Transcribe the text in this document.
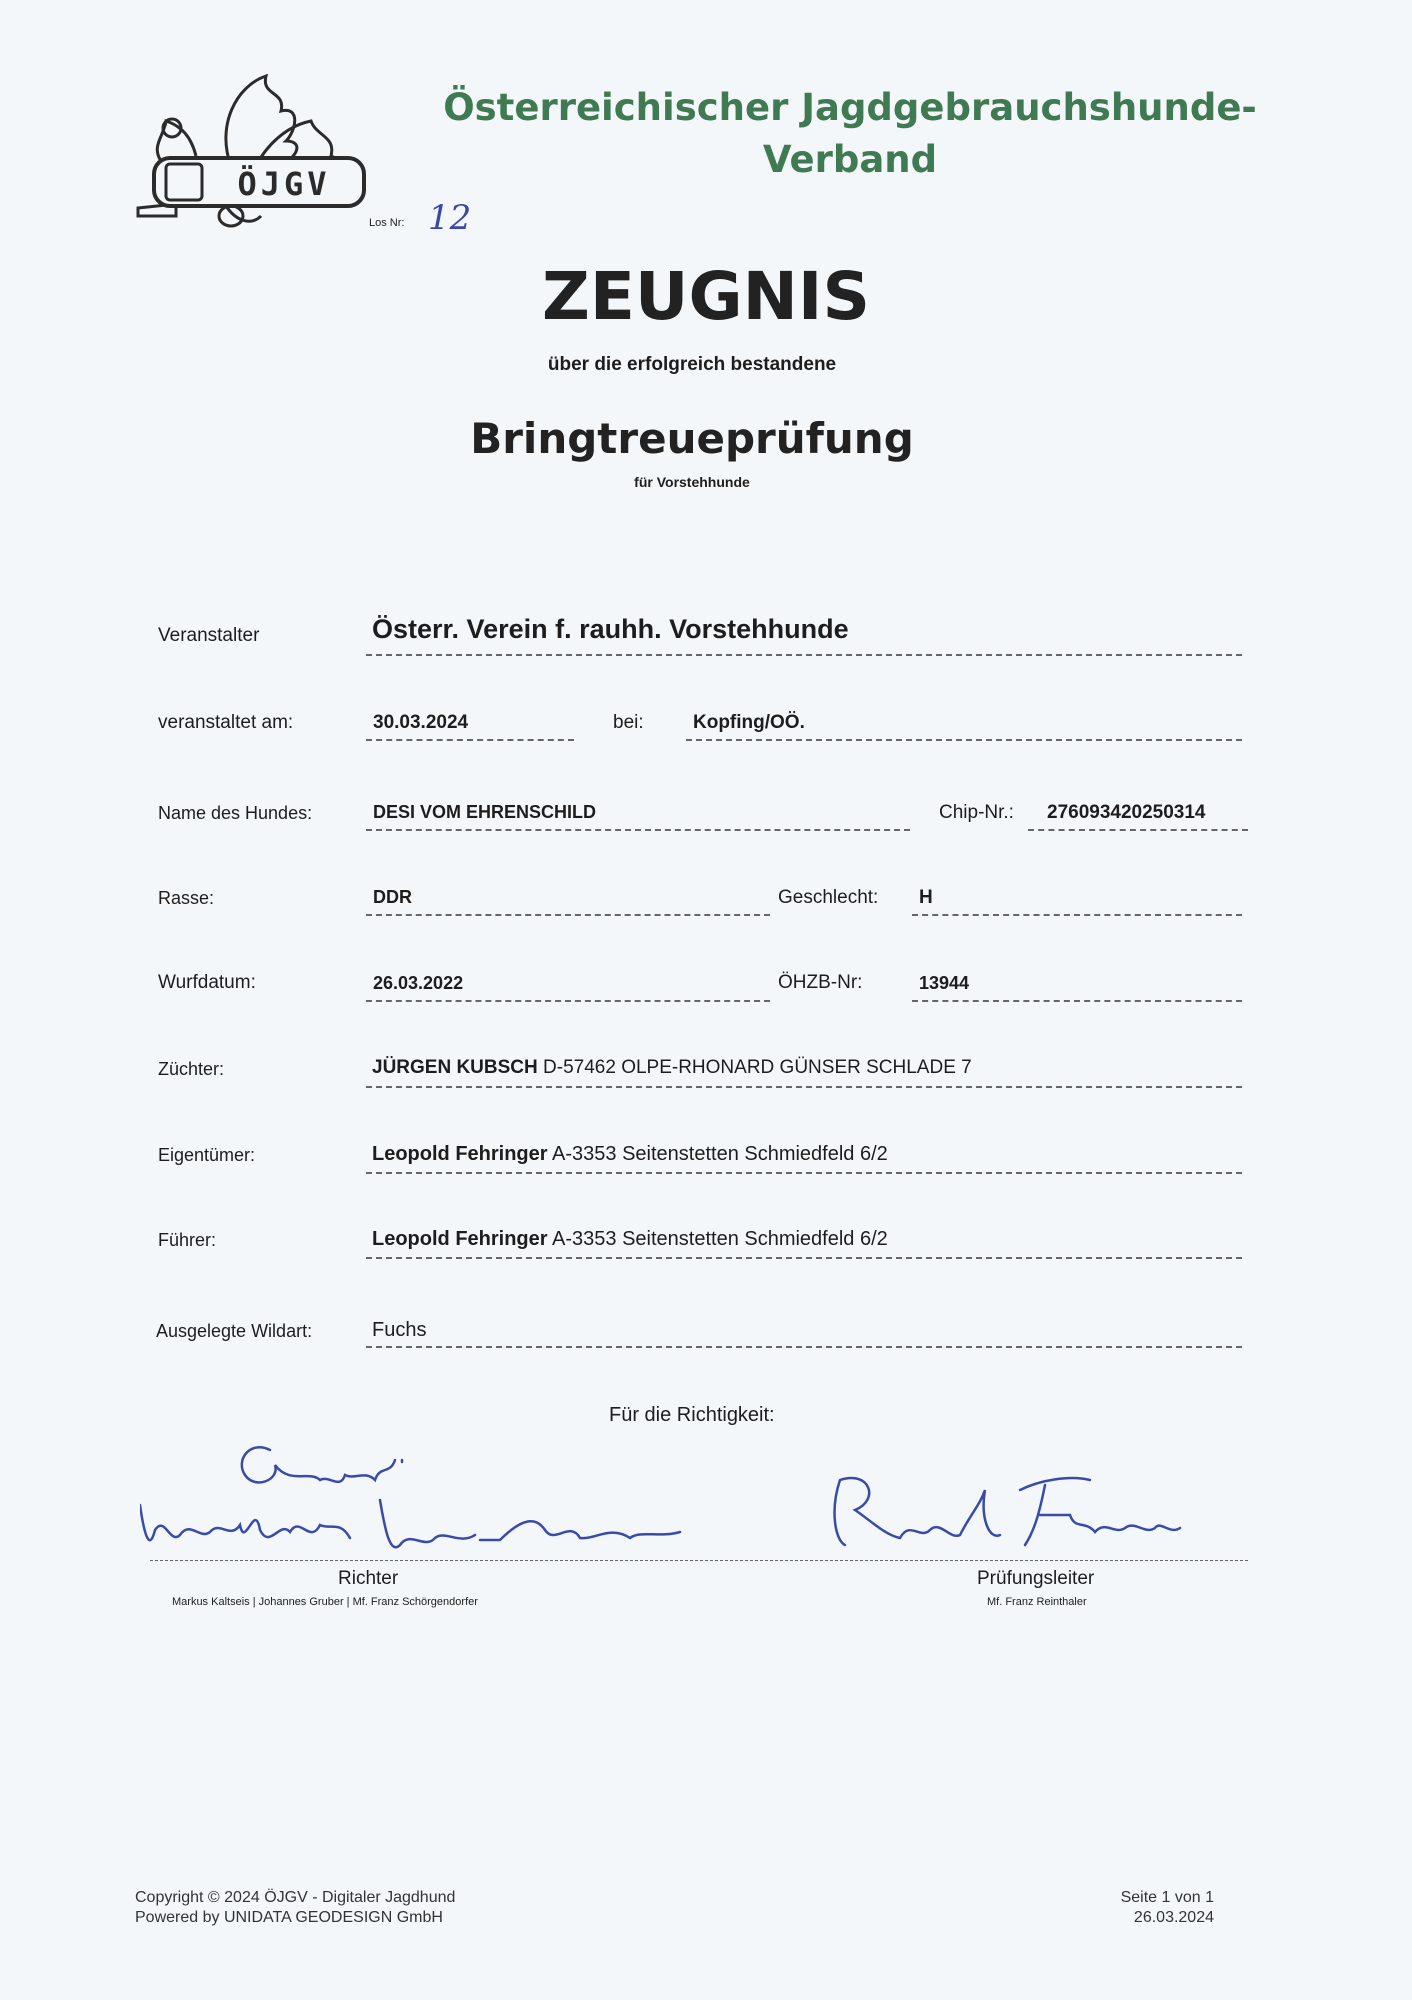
ÖJGV
Österreichischer Jagdgebrauchshunde-
Verband
Los Nr: 12
ZEUGNIS
über die erfolgreich bestandene
Bringtreueprüfung
für Vorstehhunde
Veranstalter	Österr. Verein f. rauhh. Vorstehhunde
veranstaltet am:	30.03.2024	bei:	Kopfing/OÖ.
Name des Hundes:	DESI VOM EHRENSCHILD	Chip-Nr.: 276093420250314
Rasse:	DDR	Geschlecht: H
Wurfdatum:	26.03.2022	ÖHZB-Nr:	13944
Züchter:	JÜRGEN KUBSCH D-57462 OLPE-RHONARD GÜNSER SCHLADE 7
Eigentümer:	Leopold Fehringer A-3353 Seitenstetten Schmiedfeld 6/2
Führer:	Leopold Fehringer A-3353 Seitenstetten Schmiedfeld 6/2
Ausgelegte Wildart:	Fuchs
Für die Richtigkeit:
Richter
Markus Kaltseis | Johannes Gruber | Mf. Franz Schörgendorfer
Prüfungsleiter
Mf. Franz Reinthaler
Copyright © 2024 ÖJGV - Digitaler Jagdhund
Powered by UNIDATA GEODESIGN GmbH
Seite 1 von 1
26.03.2024
